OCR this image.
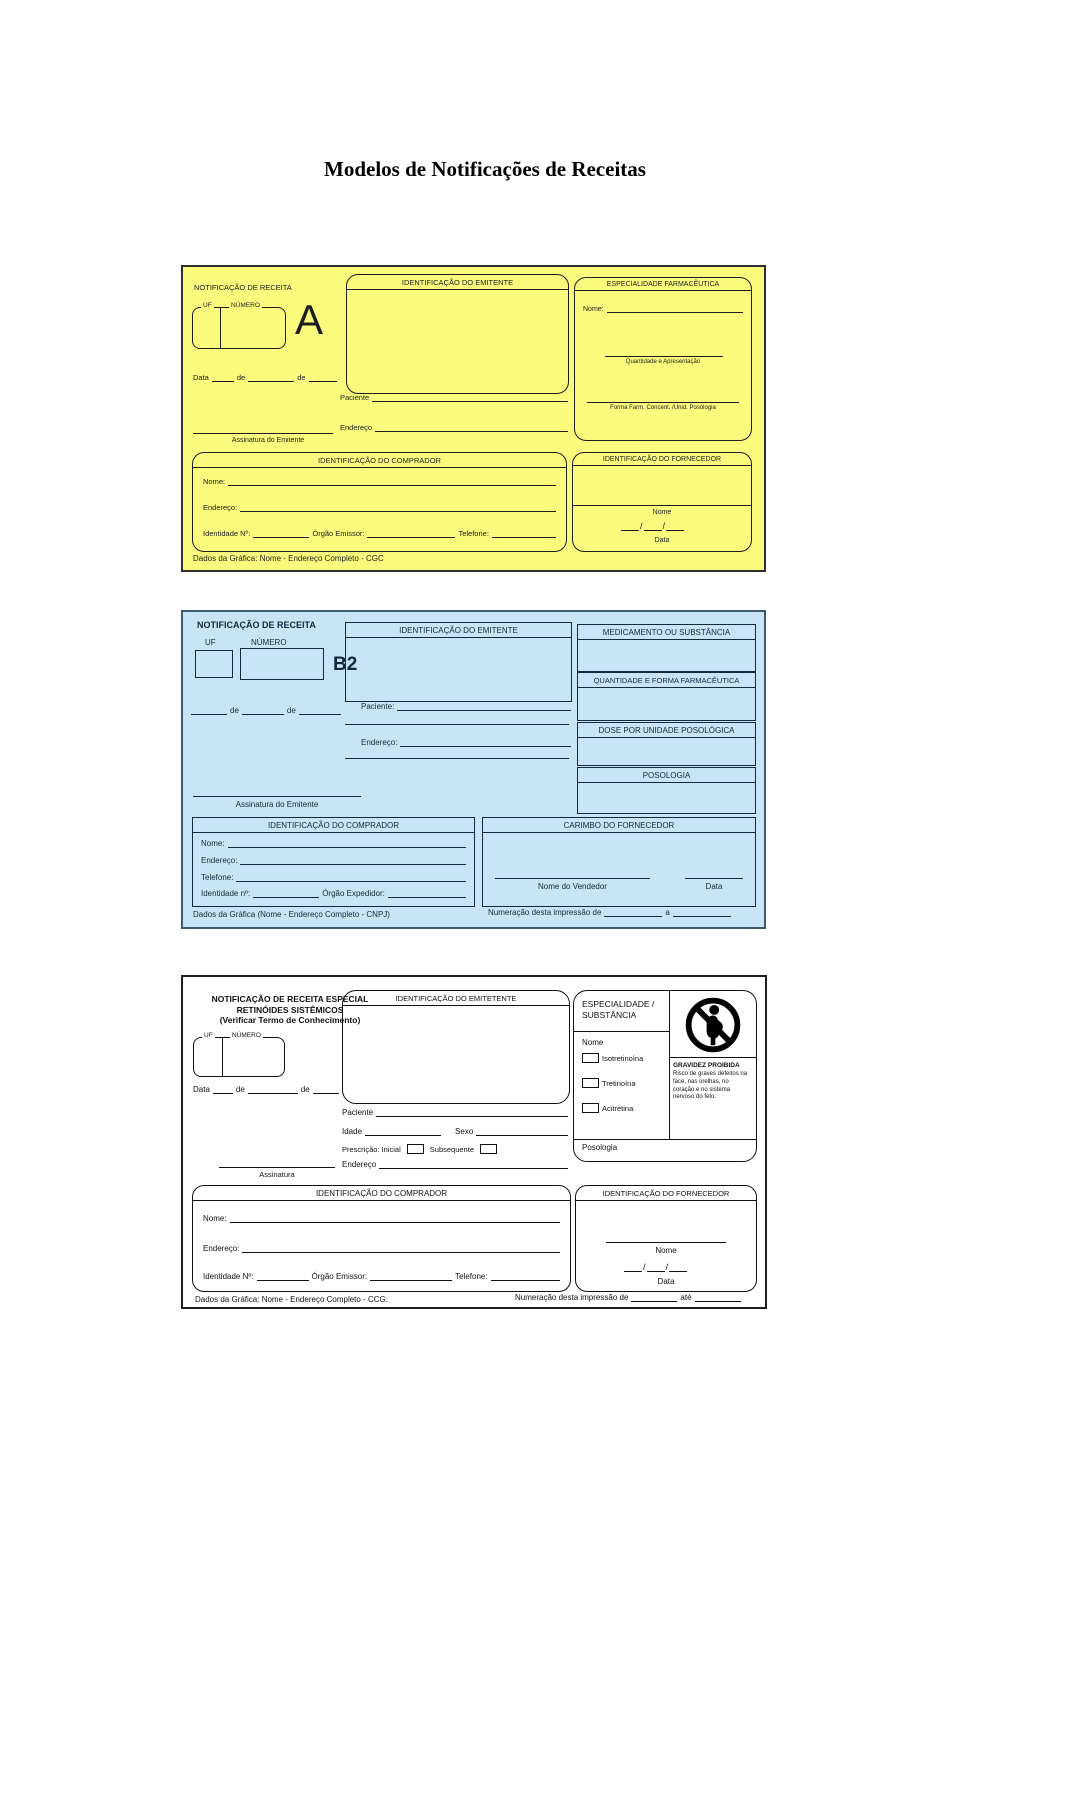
Modelos de Notificações de Receitas
NOTIFICAÇÃO DE RECEITA
UF	NÚMERO A
Data	de	de
Assinatura do Emitente
IDENTIFICAÇÃO DO EMITENTE
Paciente
Endereço
ESPECIALIDADE FARMACÊUTICA
Nome:
Quantidade e Apresentação
Forma Farm. Concent. /Unid. Posologia
IDENTIFICAÇÃO DO COMPRADOR
Nome:
Endereço:
Identidade Nº:	Órgão Emissor:	Telefone:
IDENTIFICAÇÃO DO FORNECEDOR
Nome
/ /
Data
Dados da Gráfica: Nome - Endereço Completo - CGC
NOTIFICAÇÃO DE RECEITA
UF	NÚMERO
B2
de	de
IDENTIFICAÇÃO DO EMITENTE
Paciente:
Endereço:
Assinatura do Emitente
MEDICAMENTO OU SUBSTÂNCIA
QUANTIDADE E FORMA FARMACÊUTICA
DOSE POR UNIDADE POSOLÓGICA
POSOLOGIA
IDENTIFICAÇÃO DO COMPRADOR
Nome:
Endereço:
Telefone:
Identidade nº:	Órgão Expedidor:
CARIMBO DO FORNECEDOR
Nome do Vendedor	Data
Dados da Gráfica (Nome - Endereço Completo - CNPJ)	Numeração desta impressão de	a
NOTIFICAÇÃO DE RECEITA ESPECIAL
RETINÓIDES SISTÊMICOS
(Verificar Termo de Conhecimento)
UF	NÚMERO
Data	de	de
IDENTIFICAÇÃO DO EMITETENTE
Paciente
Idade	Sexo
Prescrição: Inicial	Subsequente
Endereço
Assinatura
ESPECIALIDADE /
SUBSTÂNCIA
Nome
Isotretinoína
Tretinoína
Acitretina
GRAVIDEZ PROIBIDA
Risco de graves defeitos na face, nas orelhas, no coração e no sistema nervoso do feto.
Posologia
IDENTIFICAÇÃO DO COMPRADOR
Nome:
Endereço:
Identidade Nº:	Órgão Emissor:	Telefone:
IDENTIFICAÇÃO DO FORNECEDOR
Nome
/ /
Data
Dados da Gráfica: Nome - Endereço Completo - CCG:	Numeração desta impressão de	até
